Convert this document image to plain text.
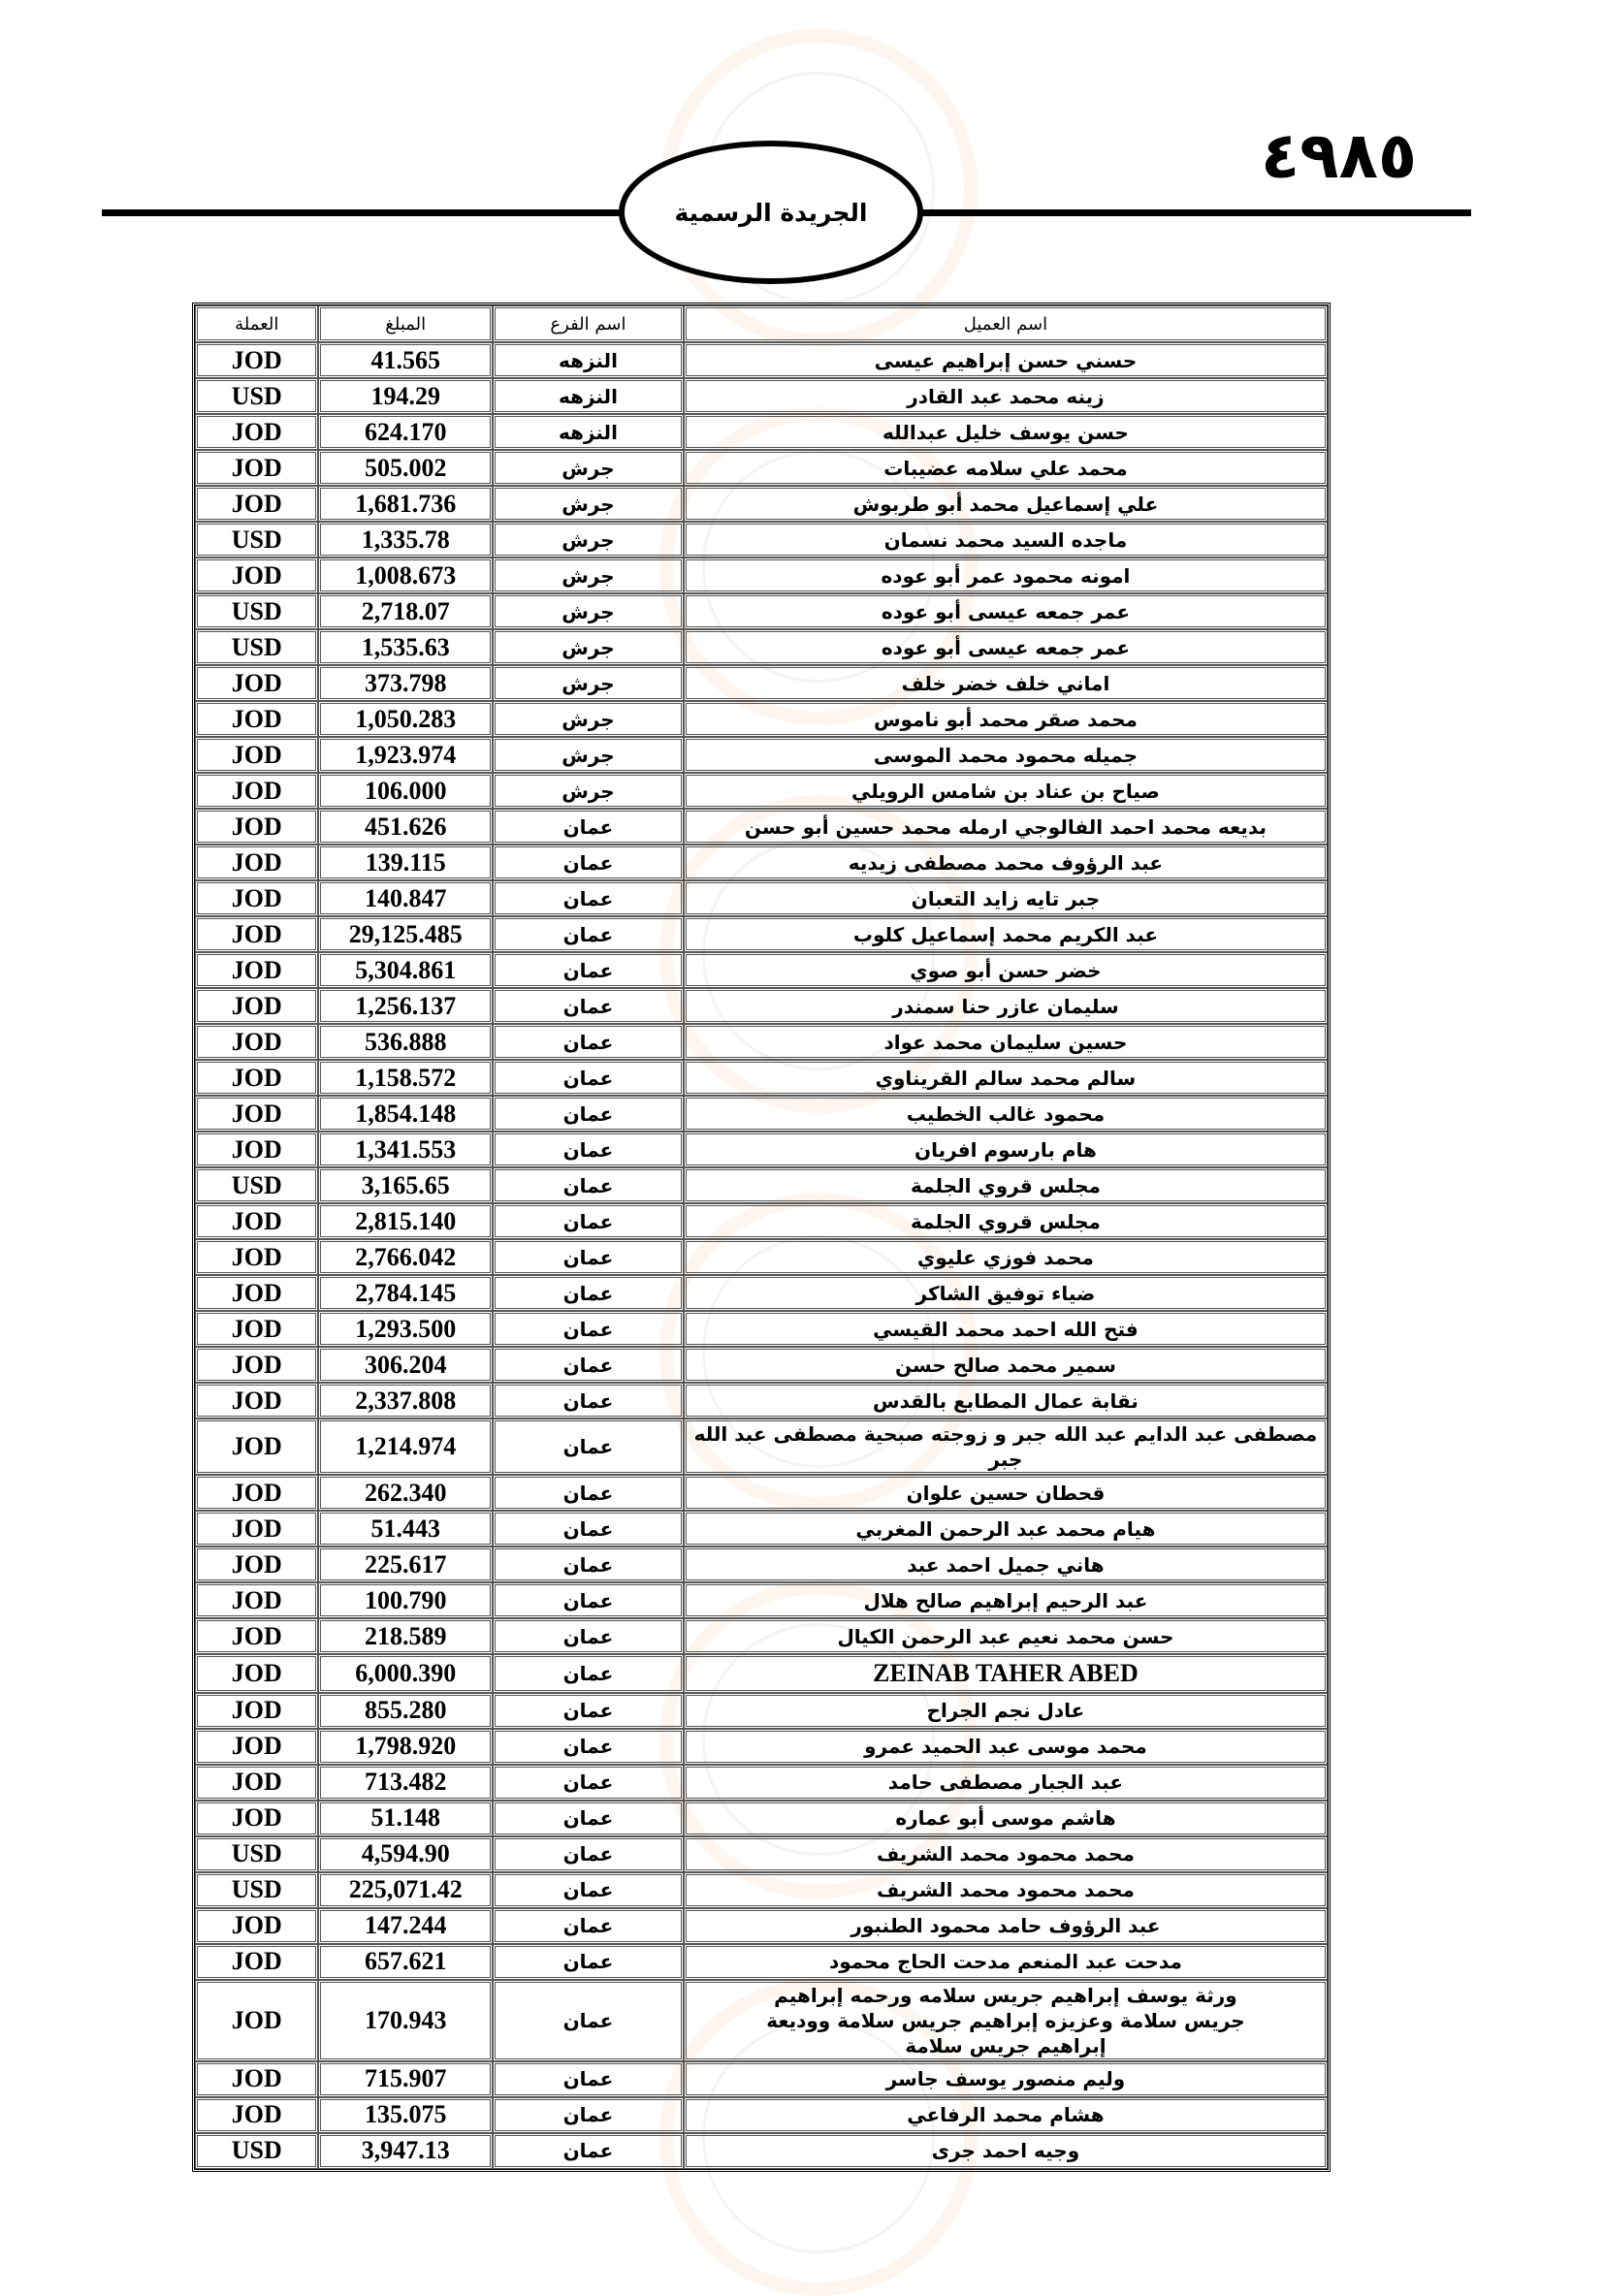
الجريدة الرسمية
٤٩٨٥
اسم العميل	اسم الفرع	المبلغ	العملة
حسني حسن إبراهيم عيسى	النزهه	41.565	JOD
زينه محمد عبد القادر	النزهه	194.29	USD
حسن يوسف خليل عبدالله	النزهه	624.170	JOD
محمد علي سلامه عضيبات	جرش	505.002	JOD
علي إسماعيل محمد أبو طربوش	جرش	1,681.736	JOD
ماجده السيد محمد نسمان	جرش	1,335.78	USD
امونه محمود عمر أبو عوده	جرش	1,008.673	JOD
عمر جمعه عيسى أبو عوده	جرش	2,718.07	USD
عمر جمعه عيسى أبو عوده	جرش	1,535.63	USD
اماني خلف خضر خلف	جرش	373.798	JOD
محمد صقر محمد أبو ناموس	جرش	1,050.283	JOD
جميله محمود محمد الموسى	جرش	1,923.974	JOD
صياح بن عناد بن شامس الرويلي	جرش	106.000	JOD
بديعه محمد احمد الفالوجي ارمله محمد حسين أبو حسن	عمان	451.626	JOD
عبد الرؤوف محمد مصطفى زيديه	عمان	139.115	JOD
جبر تايه زايد التعبان	عمان	140.847	JOD
عبد الكريم محمد إسماعيل كلوب	عمان	29,125.485	JOD
خضر حسن أبو صوي	عمان	5,304.861	JOD
سليمان عازر حنا سمندر	عمان	1,256.137	JOD
حسين سليمان محمد عواد	عمان	536.888	JOD
سالم محمد سالم القريناوي	عمان	1,158.572	JOD
محمود غالب الخطيب	عمان	1,854.148	JOD
هام بارسوم افريان	عمان	1,341.553	JOD
مجلس قروي الجلمة	عمان	3,165.65	USD
مجلس قروي الجلمة	عمان	2,815.140	JOD
محمد فوزي عليوي	عمان	2,766.042	JOD
ضياء توفيق الشاكر	عمان	2,784.145	JOD
فتح الله احمد محمد القيسي	عمان	1,293.500	JOD
سمير محمد صالح حسن	عمان	306.204	JOD
نقابة عمال المطابع بالقدس	عمان	2,337.808	JOD
مصطفى عبد الدايم عبد الله جبر و زوجته صبحية مصطفى عبد الله جبر	عمان	1,214.974	JOD
قحطان حسين علوان	عمان	262.340	JOD
هيام محمد عبد الرحمن المغربي	عمان	51.443	JOD
هاني جميل احمد عبد	عمان	225.617	JOD
عبد الرحيم إبراهيم صالح هلال	عمان	100.790	JOD
حسن محمد نعيم عبد الرحمن الكيال	عمان	218.589	JOD
ZEINAB TAHER ABED	عمان	6,000.390	JOD
عادل نجم الجراح	عمان	855.280	JOD
محمد موسى عبد الحميد عمرو	عمان	1,798.920	JOD
عبد الجبار مصطفى حامد	عمان	713.482	JOD
هاشم موسى أبو عماره	عمان	51.148	JOD
محمد محمود محمد الشريف	عمان	4,594.90	USD
محمد محمود محمد الشريف	عمان	225,071.42	USD
عبد الرؤوف حامد محمود الطنبور	عمان	147.244	JOD
مدحت عبد المنعم مدحت الحاج محمود	عمان	657.621	JOD
ورثة يوسف إبراهيم جريس سلامه ورحمه إبراهيم جريس سلامة وعزيزه إبراهيم جريس سلامة ووديعة إبراهيم جريس سلامة	عمان	170.943	JOD
وليم منصور يوسف جاسر	عمان	715.907	JOD
هشام محمد الرفاعي	عمان	135.075	JOD
وجيه احمد جرى	عمان	3,947.13	USD
